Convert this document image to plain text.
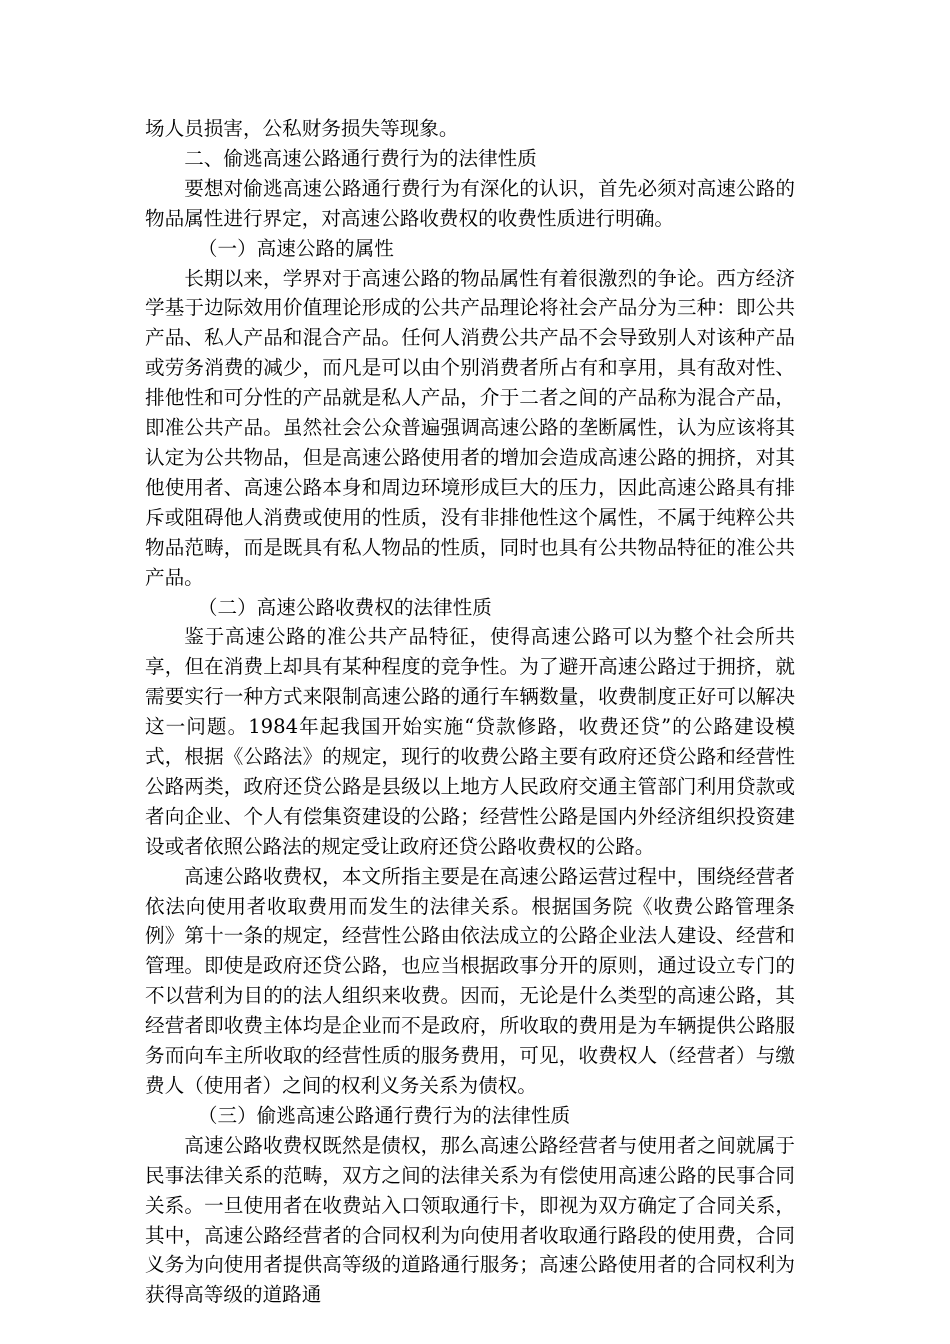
场人员损害，公私财务损失等现象。

二、偷逃高速公路通行费行为的法律性质

要想对偷逃高速公路通行费行为有深化的认识，首先必须对高速公路的物品属性进行界定，对高速公路收费权的收费性质进行明确。

（一）高速公路的属性

长期以来，学界对于高速公路的物品属性有着很激烈的争论。西方经济学基于边际效用价值理论形成的公共产品理论将社会产品分为三种：即公共产品、私人产品和混合产品。任何人消费公共产品不会导致别人对该种产品或劳务消费的减少，而凡是可以由个别消费者所占有和享用，具有敌对性、排他性和可分性的产品就是私人产品，介于二者之间的产品称为混合产品，即准公共产品。虽然社会公众普遍强调高速公路的垄断属性，认为应该将其认定为公共物品，但是高速公路使用者的增加会造成高速公路的拥挤，对其他使用者、高速公路本身和周边环境形成巨大的压力，因此高速公路具有排斥或阻碍他人消费或使用的性质，没有非排他性这个属性，不属于纯粹公共物品范畴，而是既具有私人物品的性质，同时也具有公共物品特征的准公共产品。

（二）高速公路收费权的法律性质

鉴于高速公路的准公共产品特征，使得高速公路可以为整个社会所共享，但在消费上却具有某种程度的竞争性。为了避开高速公路过于拥挤，就需要实行一种方式来限制高速公路的通行车辆数量，收费制度正好可以解决这一问题。1984年起我国开始实施“贷款修路，收费还贷”的公路建设模式，根据《公路法》的规定，现行的收费公路主要有政府还贷公路和经营性公路两类，政府还贷公路是县级以上地方人民政府交通主管部门利用贷款或者向企业、个人有偿集资建设的公路；经营性公路是国内外经济组织投资建设或者依照公路法的规定受让政府还贷公路收费权的公路。

高速公路收费权，本文所指主要是在高速公路运营过程中，围绕经营者依法向使用者收取费用而发生的法律关系。根据国务院《收费公路管理条例》第十一条的规定，经营性公路由依法成立的公路企业法人建设、经营和管理。即使是政府还贷公路，也应当根据政事分开的原则，通过设立专门的不以营利为目的的法人组织来收费。因而，无论是什么类型的高速公路，其经营者即收费主体均是企业而不是政府，所收取的费用是为车辆提供公路服务而向车主所收取的经营性质的服务费用，可见，收费权人（经营者）与缴费人（使用者）之间的权利义务关系为债权。

（三）偷逃高速公路通行费行为的法律性质

高速公路收费权既然是债权，那么高速公路经营者与使用者之间就属于民事法律关系的范畴，双方之间的法律关系为有偿使用高速公路的民事合同关系。一旦使用者在收费站入口领取通行卡，即视为双方确定了合同关系，其中，高速公路经营者的合同权利为向使用者收取通行路段的使用费，合同义务为向使用者提供高等级的道路通行服务；高速公路使用者的合同权利为获得高等级的道路通
